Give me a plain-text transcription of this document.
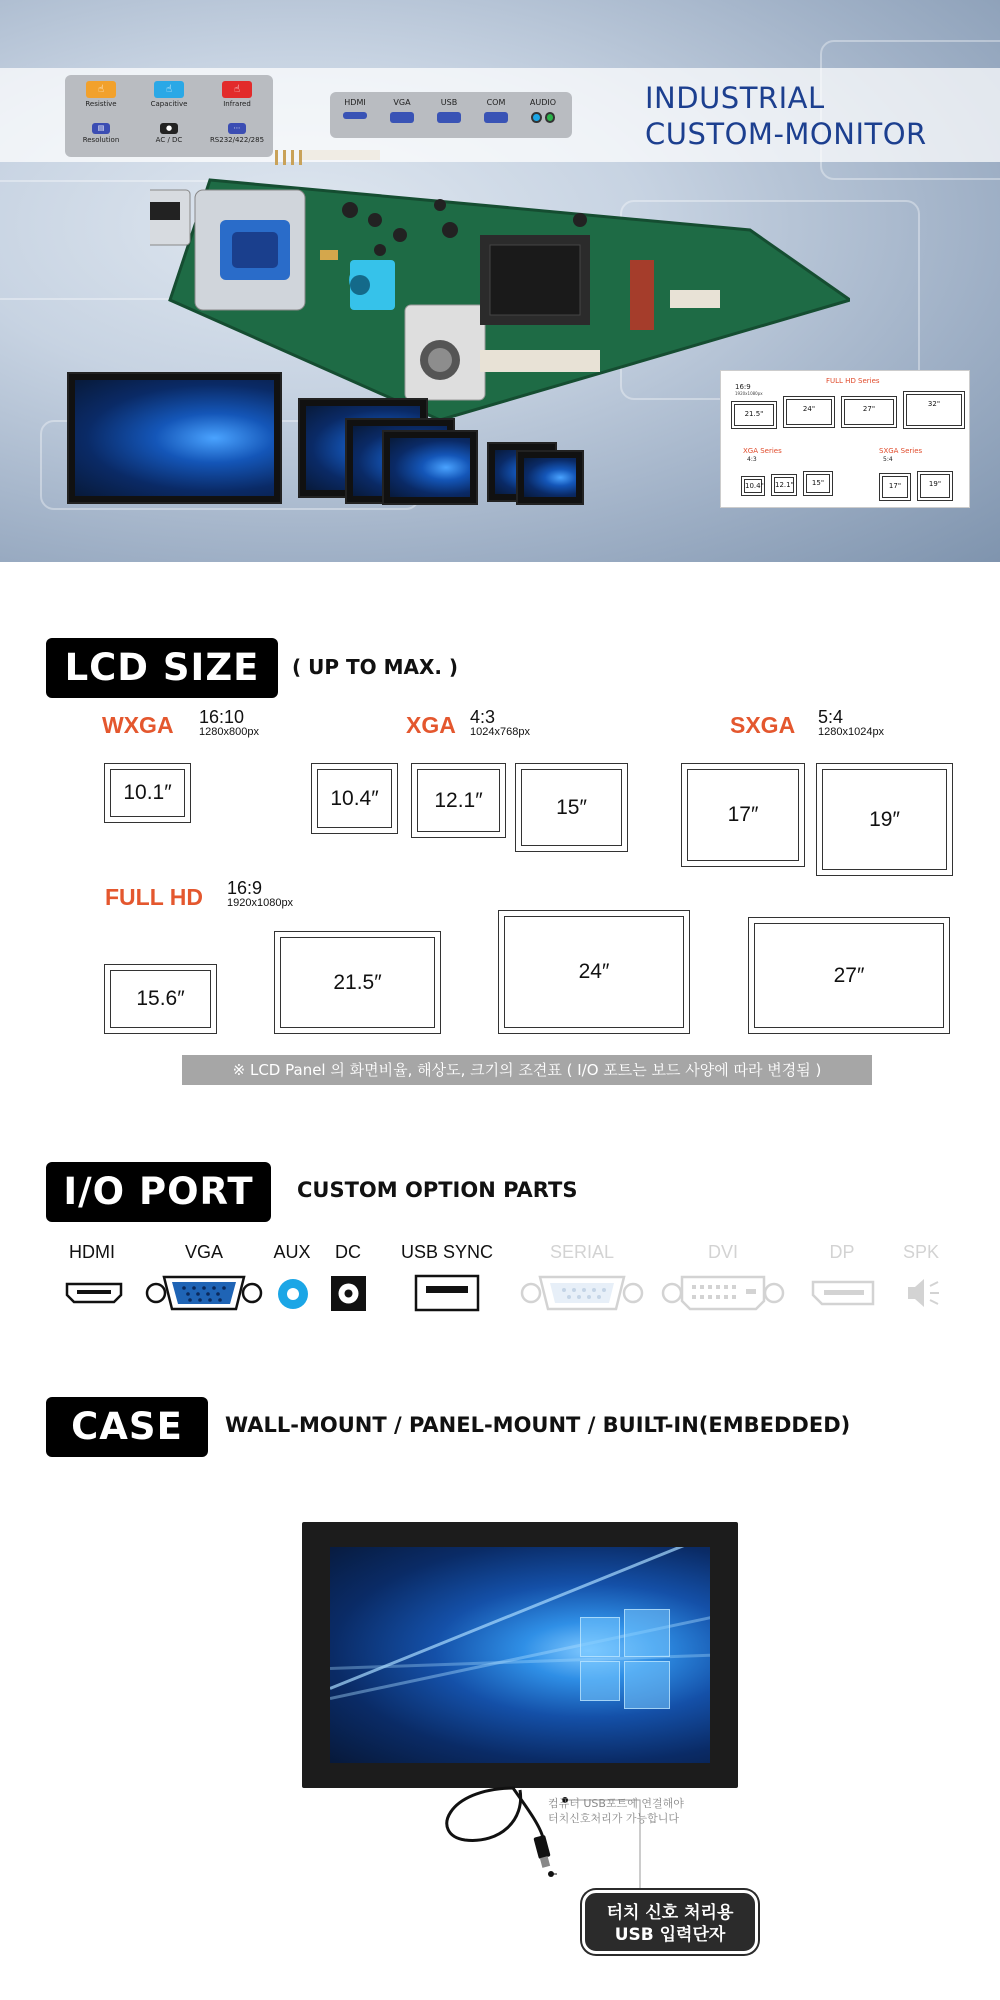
INDUSTRIAL
CUSTOM-MONITOR
☝
Resistive
☝
Capacitive
☝
Infrared
▤
Resolution
●
AC / DC
⋯
RS232/422/285
HDMI	VGA	USB	COM	AUDIO
FULL HD Series
16:9
1920x1080px
21.5"
24"	27"
32"
XGA Series
4:3
10.4" 12.1"	15"
SXGA Series
5:4
17"	19"
LCD SIZE	( UP TO MAX. )
WXGA 16:10
1280x800px
10.1″
XGA 4:3
1024x768px
10.4″	12.1″	15″
SXGA 5:4
1280x1024px
17″	19″
FULL HD 16:9
1920x1080px
15.6″
21.5″	24″	27″
※ LCD Panel 의 화면비율, 해상도, 크기의 조견표 ( I/O 포트는 보드 사양에 따라 변경됨 )
I/O PORT	CUSTOM OPTION PARTS
HDMI	VGA	AUX	DC	USB SYNC	SERIAL	DVI	DP	SPK
CASE	WALL-MOUNT / PANEL-MOUNT / BUILT-IN(EMBEDDED)
컴퓨터 USB포트에 연결해야
터치신호처리가 가능합니다
터치 신호 처리용
USB 입력단자
